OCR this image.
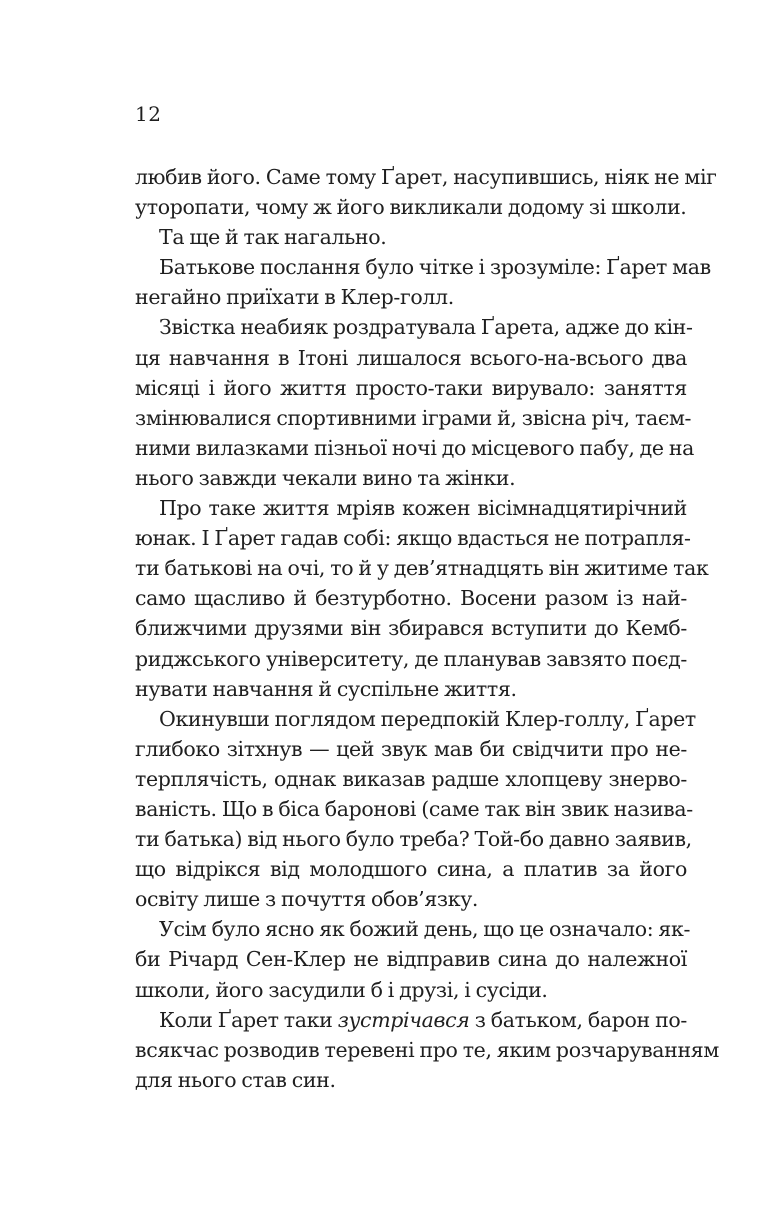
12
любив його. Саме тому Ґарет, насупившись, ніяк не міг
уторопати, чому ж його викликали додому зі школи.
Та ще й так нагально.
Батькове послання було чітке і зрозуміле: Ґарет мав
негайно приїхати в Клер-голл.
Звістка неабияк роздратувала Ґарета, адже до кін-
ця навчання в Ітоні лишалося всього-на-всього два
місяці і його життя просто-таки вирувало: заняття
змінювалися спортивними іграми й, звісна річ, таєм-
ними вилазками пізньої ночі до місцевого пабу, де на
нього завжди чекали вино та жінки.
Про таке життя мріяв кожен вісімнадцятирічний
юнак. І Ґарет гадав собі: якщо вдасться не потрапля-
ти батькові на очі, то й у дев’ятнадцять він житиме так
само щасливо й безтурботно. Восени разом із най-
ближчими друзями він збирався вступити до Кемб-
риджського університету, де планував завзято поєд-
нувати навчання й суспільне життя.
Окинувши поглядом передпокій Клер-голлу, Ґарет
глибоко зітхнув — цей звук мав би свідчити про не-
терплячість, однак виказав радше хлопцеву знерво-
ваність. Що в біса баронові (саме так він звик назива-
ти батька) від нього було треба? Той-бо давно заявив,
що відрікся від молодшого сина, а платив за його
освіту лише з почуття обов’язку.
Усім було ясно як божий день, що це означало: як-
би Річард Сен-Клер не відправив сина до належної
школи, його засудили б і друзі, і сусіди.
Коли Ґарет таки зустрічався з батьком, барон по-
всякчас розводив теревені про те, яким розчаруванням
для нього став син.
